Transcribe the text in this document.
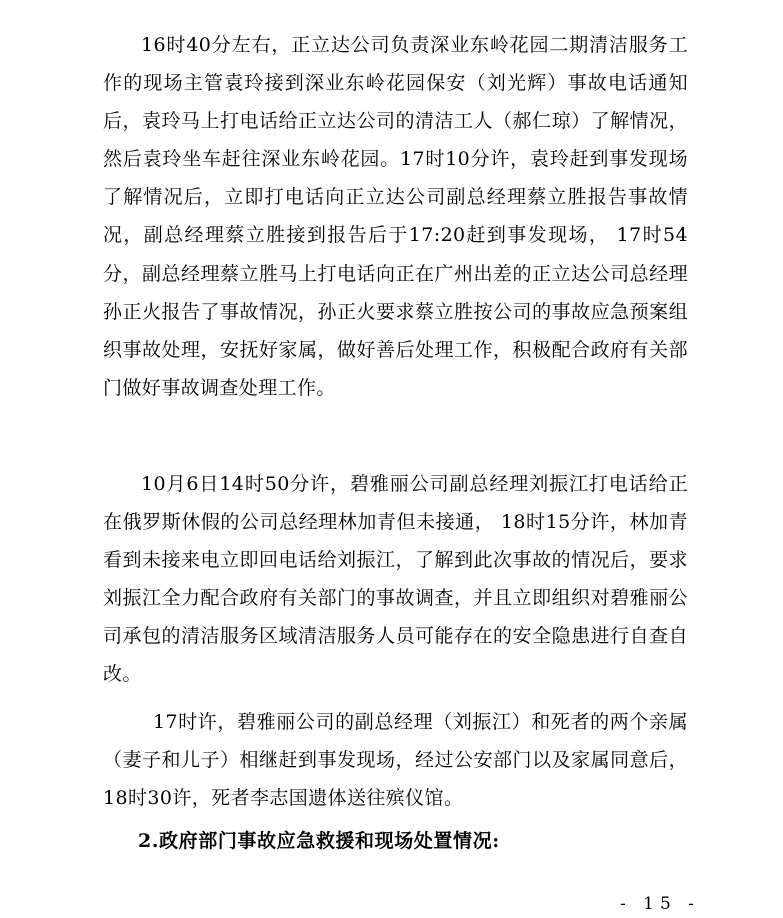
16时40分左右，正立达公司负责深业东岭花园二期清洁服务工作的现场主管袁玲接到深业东岭花园保安（刘光辉）事故电话通知后，袁玲马上打电话给正立达公司的清洁工人（郝仁琼）了解情况，然后袁玲坐车赶往深业东岭花园。17时10分许，袁玲赶到事发现场了解情况后，立即打电话向正立达公司副总经理蔡立胜报告事故情况，副总经理蔡立胜接到报告后于17:20赶到事发现场， 17时54分，副总经理蔡立胜马上打电话向正在广州出差的正立达公司总经理孙正火报告了事故情况，孙正火要求蔡立胜按公司的事故应急预案组织事故处理，安抚好家属，做好善后处理工作，积极配合政府有关部门做好事故调查处理工作。

10月6日14时50分许，碧雅丽公司副总经理刘振江打电话给正在俄罗斯休假的公司总经理林加青但未接通， 18时15分许，林加青看到未接来电立即回电话给刘振江，了解到此次事故的情况后，要求刘振江全力配合政府有关部门的事故调查，并且立即组织对碧雅丽公司承包的清洁服务区域清洁服务人员可能存在的安全隐患进行自查自改。

17时许，碧雅丽公司的副总经理（刘振江）和死者的两个亲属（妻子和儿子）相继赶到事发现场，经过公安部门以及家属同意后，18时30许，死者李志国遗体送往殡仪馆。

2.政府部门事故应急救援和现场处置情况:

- 15 -
